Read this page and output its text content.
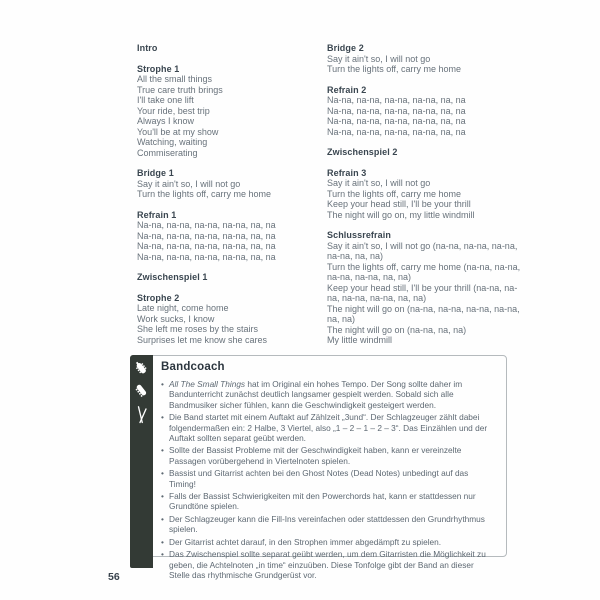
Intro
Strophe 1

All the small things

True care truth brings

I'll take one lift

Your ride, best trip

Always I know

You'll be at my show

Watching, waiting

Commiserating

Bridge 1

Say it ain't so, I will not go

Turn the lights off, carry me home

Refrain 1

Na-na, na-na, na-na, na-na, na, na

Na-na, na-na, na-na, na-na, na, na

Na-na, na-na, na-na, na-na, na, na

Na-na, na-na, na-na, na-na, na, na

Zwischenspiel 1
Strophe 2

Late night, come home

Work sucks, I know

She left me roses by the stairs

Surprises let me know she cares

Bridge 2

Say it ain't so, I will not go

Turn the lights off, carry me home

Refrain 2

Na-na, na-na, na-na, na-na, na, na

Na-na, na-na, na-na, na-na, na, na

Na-na, na-na, na-na, na-na, na, na

Na-na, na-na, na-na, na-na, na, na

Zwischenspiel 2
Refrain 3

Say it ain't so, I will not go

Turn the lights off, carry me home

Keep your head still, I'll be your thrill

The night will go on, my little windmill

Schlussrefrain

Say it ain't so, I will not go (na-na, na-na, na-na, na-na, na, na)

Turn the lights off, carry me home (na-na, na-na, na-na, na-na, na, na)

Keep your head still, I'll be your thrill (na-na, na-na, na-na, na-na, na, na)

The night will go on (na-na, na-na, na-na, na-na, na, na)

The night will go on (na-na, na, na)

My little windmill

Bandcoach
• All The Small Things hat im Original ein hohes Tempo. Der Song sollte daher im Bandunterricht zunächst deutlich langsamer gespielt werden. Sobald sich alle Bandmusiker sicher fühlen, kann die Geschwindigkeit gesteigert werden.
• Die Band startet mit einem Auftakt auf Zählzeit „3und“. Der Schlagzeuger zählt dabei folgendermaßen ein: 2 Halbe, 3 Viertel, also „1 – 2 – 1 – 2 – 3“. Das Einzählen und der Auftakt sollten separat geübt werden.
• Sollte der Bassist Probleme mit der Geschwindigkeit haben, kann er vereinzelte Passagen vorübergehend in Viertelnoten spielen.
• Bassist und Gitarrist achten bei den Ghost Notes (Dead Notes) unbedingt auf das Timing!
• Falls der Bassist Schwierigkeiten mit den Powerchords hat, kann er stattdessen nur Grundtöne spielen.
• Der Schlagzeuger kann die Fill-Ins vereinfachen oder stattdessen den Grundrhythmus spielen.
• Der Gitarrist achtet darauf, in den Strophen immer abgedämpft zu spielen.
• Das Zwischenspiel sollte separat geübt werden, um dem Gitarristen die Möglichkeit zu geben, die Achtelnoten „in time“ einzuüben. Diese Tonfolge gibt der Band an dieser Stelle das rhythmische Grundgerüst vor.
56
